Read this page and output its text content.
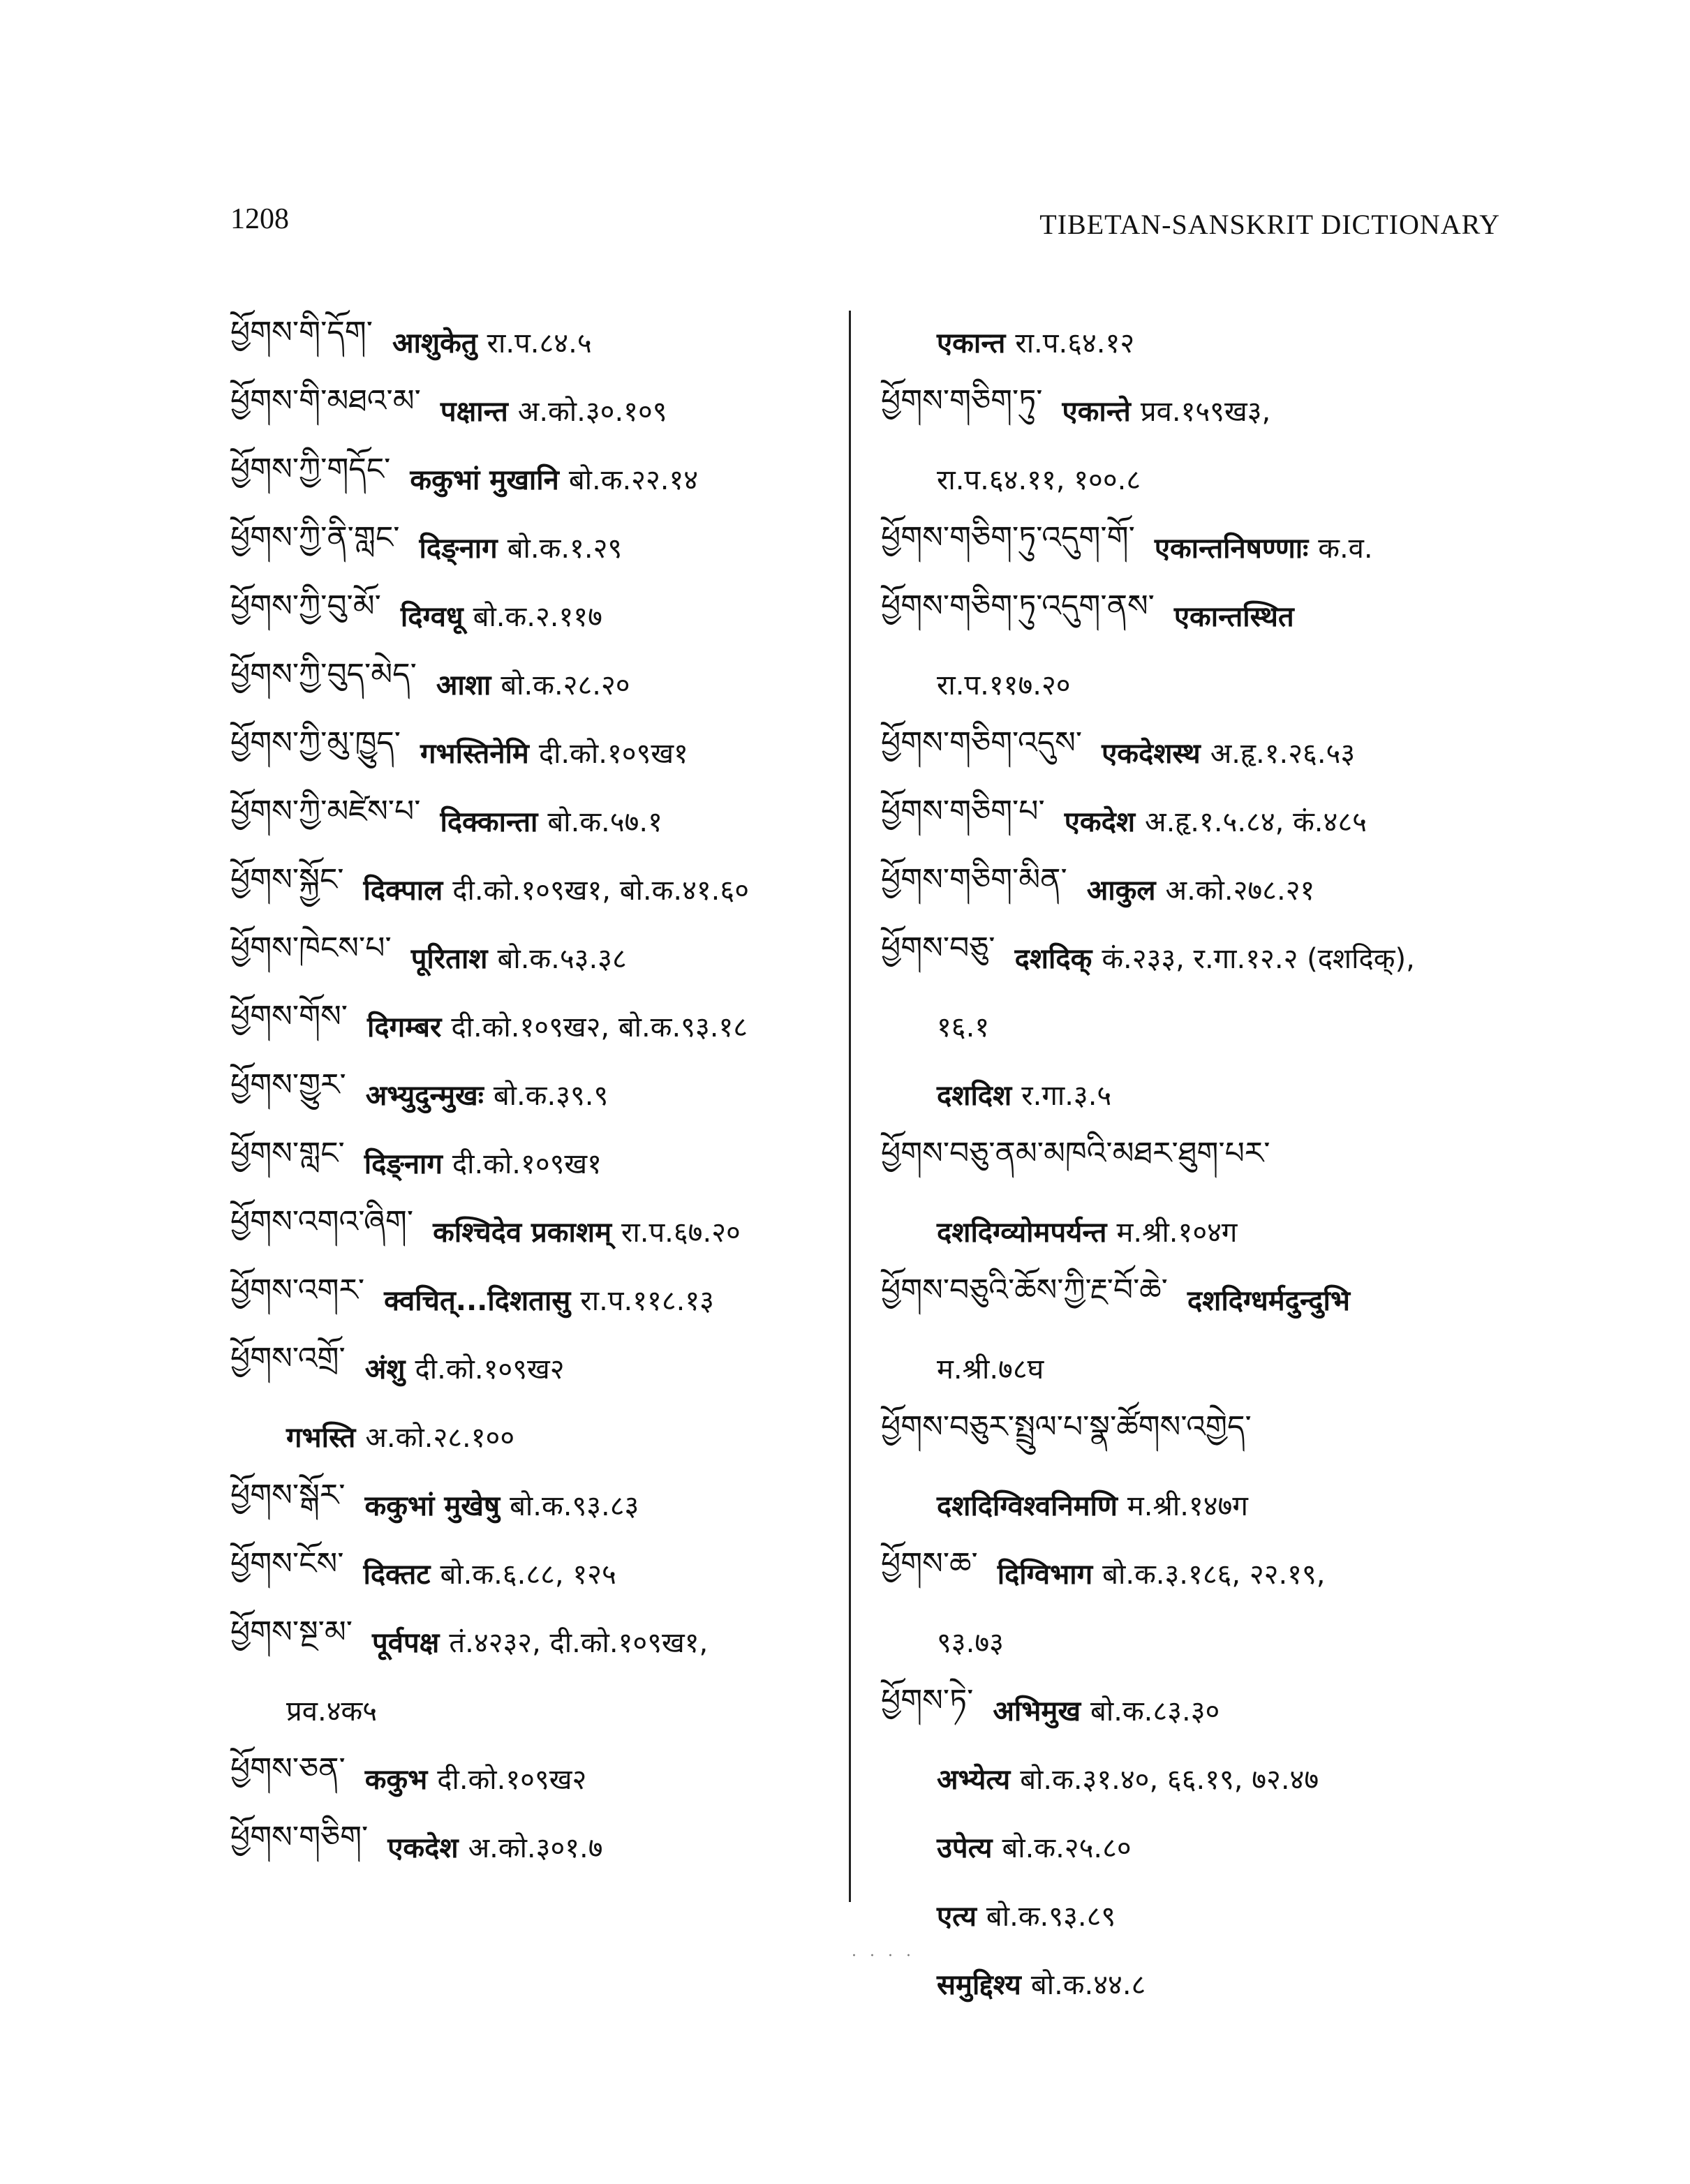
1208	TIBETAN-SANSKRIT DICTIONARY
ཕྱོགས་གི་དོག་ आशुकेतु रा.प.८४.५
ཕྱོགས་གི་མཐའ་མ་ पक्षान्त अ.को.३०.१०९
ཕྱོགས་ཀྱི་གདོང་ ककुभां मुखानि बो.क.२२.१४
ཕྱོགས་ཀྱི་ནི་གླང་ दिङ्नाग बो.क.१.२९
ཕྱོགས་ཀྱི་བུ་མོ་ दिग्वधू बो.क.२.११७
ཕྱོགས་ཀྱི་བུད་མེད་ आशा बो.क.२८.२०
ཕྱོགས་ཀྱི་མུ་ཁྱུད་ गभस्तिनेमि दी.को.१०९ख१
ཕྱོགས་ཀྱི་མཛེས་པ་ दिक्कान्ता बो.क.५७.१
ཕྱོགས་སྐྱོང་ दिक्पाल दी.को.१०९ख१, बो.क.४१.६०
ཕྱོགས་ཁེངས་པ་ पूरिताश बो.क.५३.३८
ཕྱོགས་གོས་ दिगम्बर दी.को.१०९ख२, बो.क.९३.१८
ཕྱོགས་གྱུར་ अभ्युदुन्मुखः बो.क.३९.९
ཕྱོགས་གླང་ दिङ्नाग दी.को.१०९ख१
ཕྱོགས་འགའ་ཞིག་ कश्चिदेव प्रकाशम् रा.प.६७.२०
ཕྱོགས་འགར་ क्वचित्...दिशतासु रा.प.११८.१३
ཕྱོགས་འགྲོ་ अंशु दी.को.१०९ख२
गभस्ति अ.को.२८.१००
ཕྱོགས་སྒོར་ ककुभां मुखेषु बो.क.९३.८३
ཕྱོགས་ངོས་ दिक्तट बो.क.६.८८, १२५
ཕྱོགས་སྔ་མ་ पूर्वपक्ष तं.४२३२, दी.को.१०९ख१,
प्रव.४क५
ཕྱོགས་ཅན་ ककुभ दी.को.१०९ख२
ཕྱོགས་གཅིག་ एकदेश अ.को.३०१.७
एकान्त रा.प.६४.१२
ཕྱོགས་གཅིག་ཏུ་ एकान्ते प्रव.१५९ख३,
रा.प.६४.११, १००.८
ཕྱོགས་གཅིག་ཏུ་འདུག་གོ་ एकान्तनिषण्णाः क.व.
ཕྱོགས་གཅིག་ཏུ་འདུག་ནས་ एकान्तस्थित
रा.प.११७.२०
ཕྱོགས་གཅིག་འདུས་ एकदेशस्थ अ.हृ.१.२६.५३
ཕྱོགས་གཅིག་པ་ एकदेश अ.हृ.१.५.८४, कं.४८५
ཕྱོགས་གཅིག་མིན་ आकुल अ.को.२७८.२१
ཕྱོགས་བཅུ་ दशदिक् कं.२३३, र.गा.१२.२ (दशदिक्),
१६.१
दशदिश र.गा.३.५
ཕྱོགས་བཅུ་ནམ་མཁའི་མཐར་ཐུག་པར་
दशदिग्व्योमपर्यन्त म.श्री.१०४ग
ཕྱོགས་བཅུའི་ཆོས་ཀྱི་རྔ་བོ་ཆེ་ दशदिग्धर्मदुन्दुभि
म.श्री.७८घ
ཕྱོགས་བཅུར་སྤྲུལ་པ་སྣ་ཚོགས་འགྱེད་
दशदिग्विश्वनिमणि म.श्री.१४७ग
ཕྱོགས་ཆ་ दिग्विभाग बो.क.३.१८६, २२.१९,
९३.७३
ཕྱོགས་ཏེ་ अभिमुख बो.क.८३.३०
अभ्येत्य बो.क.३१.४०, ६६.१९, ७२.४७
उपेत्य बो.क.२५.८०
एत्य बो.क.९३.८९
समुद्दिश्य बो.क.४४.८
· · · ·
